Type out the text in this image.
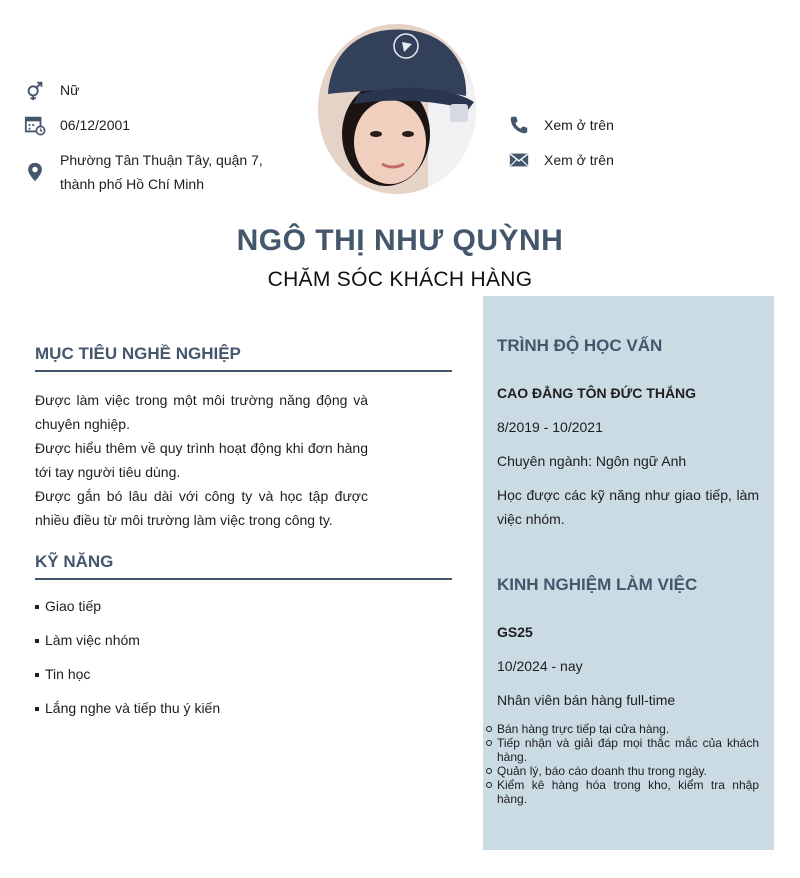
Nữ
06/12/2001
Phường Tân Thuận Tây, quận 7,
thành phố Hồ Chí Minh
Xem ở trên
Xem ở trên
NGÔ THỊ NHƯ QUỲNH
CHĂM SÓC KHÁCH HÀNG
MỤC TIÊU NGHỀ NGHIỆP
Được làm việc trong một môi trường năng động và chuyên nghiệp.
Được hiểu thêm về quy trình hoạt động khi đơn hàng tới tay người tiêu dùng.
Được gắn bó lâu dài với công ty và học tập được nhiều điều từ môi trường làm việc trong công ty.
KỸ NĂNG
Giao tiếp
Làm việc nhóm
Tin học
Lắng nghe và tiếp thu ý kiến
TRÌNH ĐỘ HỌC VẤN
CAO ĐẲNG TÔN ĐỨC THẮNG
8/2019 - 10/2021
Chuyên ngành: Ngôn ngữ Anh
Học được các kỹ năng như giao tiếp, làm việc nhóm.
KINH NGHIỆM LÀM VIỆC
GS25
10/2024 - nay
Nhân viên bán hàng full-time
Bán hàng trực tiếp tại cửa hàng.
Tiếp nhận và giải đáp mọi thắc mắc của khách hàng.
Quản lý, báo cáo doanh thu trong ngày.
Kiểm kê hàng hóa trong kho, kiểm tra nhập hàng.
